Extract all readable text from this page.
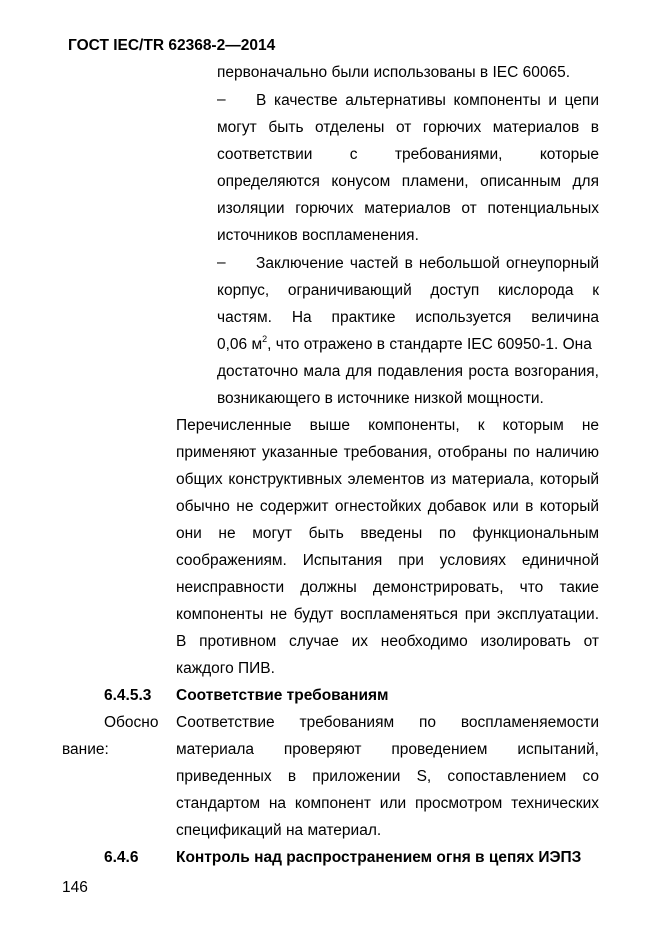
ГОСТ IEC/TR 62368-2—2014
первоначально были использованы в IEC 60065.
– В качестве альтернативы компоненты и цепи
могут быть отделены от горючих материалов в
соответствии с требованиями, которые
определяются конусом пламени, описанным для
изоляции горючих материалов от потенциальных
источников воспламенения.
– Заключение частей в небольшой огнеупорный
корпус, ограничивающий доступ кислорода к
частям. На практике используется величина
0,06 $м^2$, что отражено в стандарте IEC 60950-1. Она
достаточно мала для подавления роста возгорания,
возникающего в источнике низкой мощности.
Перечисленные выше компоненты, к которым не
применяют указанные требования, отобраны по наличию
общих конструктивных элементов из материала, который
обычно не содержит огнестойких добавок или в который
они не могут быть введены по функциональным
соображениям. Испытания при условиях единичной
неисправности должны демонстрировать, что такие
компоненты не будут воспламеняться при эксплуатации.
В противном случае их необходимо изолировать от
каждого ПИВ.
6.4.5.3 Соответствие требованиям
Обосно
вание:
Соответствие требованиям по воспламеняемости
материала проверяют проведением испытаний,
приведенных в приложении S, сопоставлением со
стандартом на компонент или просмотром технических
спецификаций на материал.
6.4.6 Контроль над распространением огня в цепях ИЭПЗ
146
